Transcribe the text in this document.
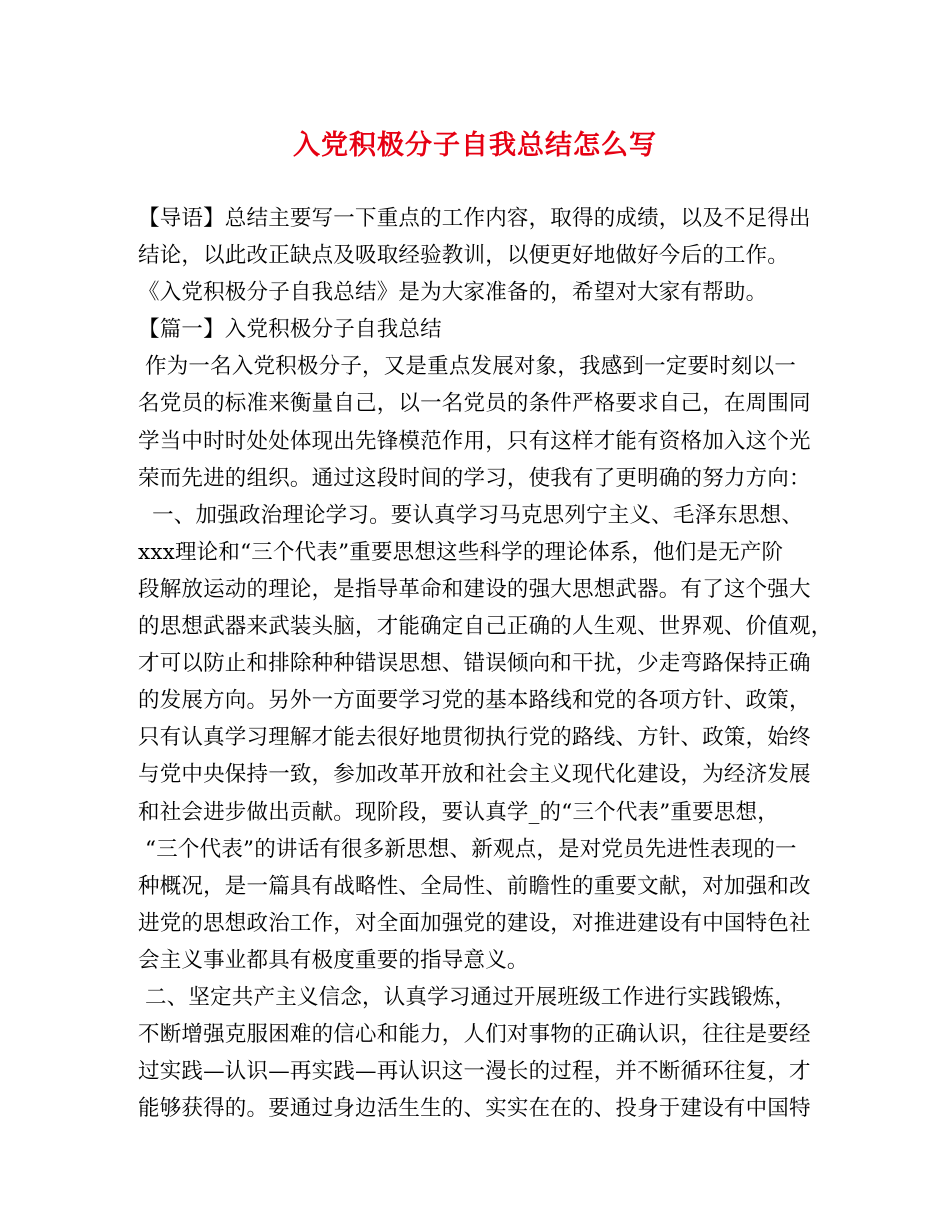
入党积极分子自我总结怎么写
【导语】总结主要写一下重点的工作内容，取得的成绩，以及不足得出
结论，以此改正缺点及吸取经验教训，以便更好地做好今后的工作。
《入党积极分子自我总结》是为大家准备的，希望对大家有帮助。
【篇一】入党积极分子自我总结
作为一名入党积极分子，又是重点发展对象，我感到一定要时刻以一
名党员的标准来衡量自己，以一名党员的条件严格要求自己，在周围同
学当中时时处处体现出先锋模范作用，只有这样才能有资格加入这个光
荣而先进的组织。通过这段时间的学习，使我有了更明确的努力方向：
一、加强政治理论学习。要认真学习马克思列宁主义、毛泽东思想、
xxx理论和“三个代表”重要思想这些科学的理论体系，他们是无产阶
段解放运动的理论，是指导革命和建设的强大思想武器。有了这个强大
的思想武器来武装头脑，才能确定自己正确的人生观、世界观、价值观，
才可以防止和排除种种错误思想、错误倾向和干扰，少走弯路保持正确
的发展方向。另外一方面要学习党的基本路线和党的各项方针、政策，
只有认真学习理解才能去很好地贯彻执行党的路线、方针、政策，始终
与党中央保持一致，参加改革开放和社会主义现代化建设，为经济发展
和社会进步做出贡献。现阶段，要认真学_的“三个代表”重要思想，
“三个代表”的讲话有很多新思想、新观点，是对党员先进性表现的一
种概况，是一篇具有战略性、全局性、前瞻性的重要文献，对加强和改
进党的思想政治工作，对全面加强党的建设，对推进建设有中国特色社
会主义事业都具有极度重要的指导意义。
二、坚定共产主义信念，认真学习通过开展班级工作进行实践锻炼，
不断增强克服困难的信心和能力，人们对事物的正确认识，往往是要经
过实践—认识—再实践—再认识这一漫长的过程，并不断循环往复，才
能够获得的。要通过身边活生生的、实实在在的、投身于建设有中国特
